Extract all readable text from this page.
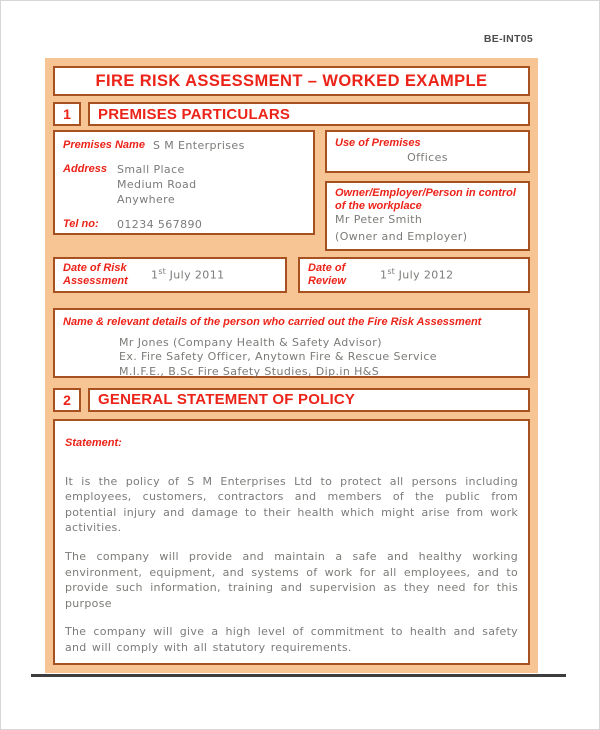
BE-INT05
FIRE RISK ASSESSMENT – WORKED EXAMPLE
1	PREMISES PARTICULARS
Premises Name S M Enterprises
Address Small Place
Medium Road
Anywhere
Tel no:	01234 567890
Use of Premises
Offices
Owner/Employer/Person in control of the workplace
Mr Peter Smith
(Owner and Employer)
Date of Risk Assessment	1st July 2011
Date of Review	1st July 2012
Name & relevant details of the person who carried out the Fire Risk Assessment
Mr Jones (Company Health & Safety Advisor)
Ex. Fire Safety Officer, Anytown Fire & Rescue Service
M.I.F.E., B.Sc Fire Safety Studies, Dip.in H&S
2	GENERAL STATEMENT OF POLICY
Statement:

It is the policy of S M Enterprises Ltd to protect all persons including employees, customers, contractors and members of the public from potential injury and damage to their health which might arise from work activities.

The company will provide and maintain a safe and healthy working environment, equipment, and systems of work for all employees, and to provide such information, training and supervision as they need for this purpose

The company will give a high level of commitment to health and safety and will comply with all statutory requirements.
